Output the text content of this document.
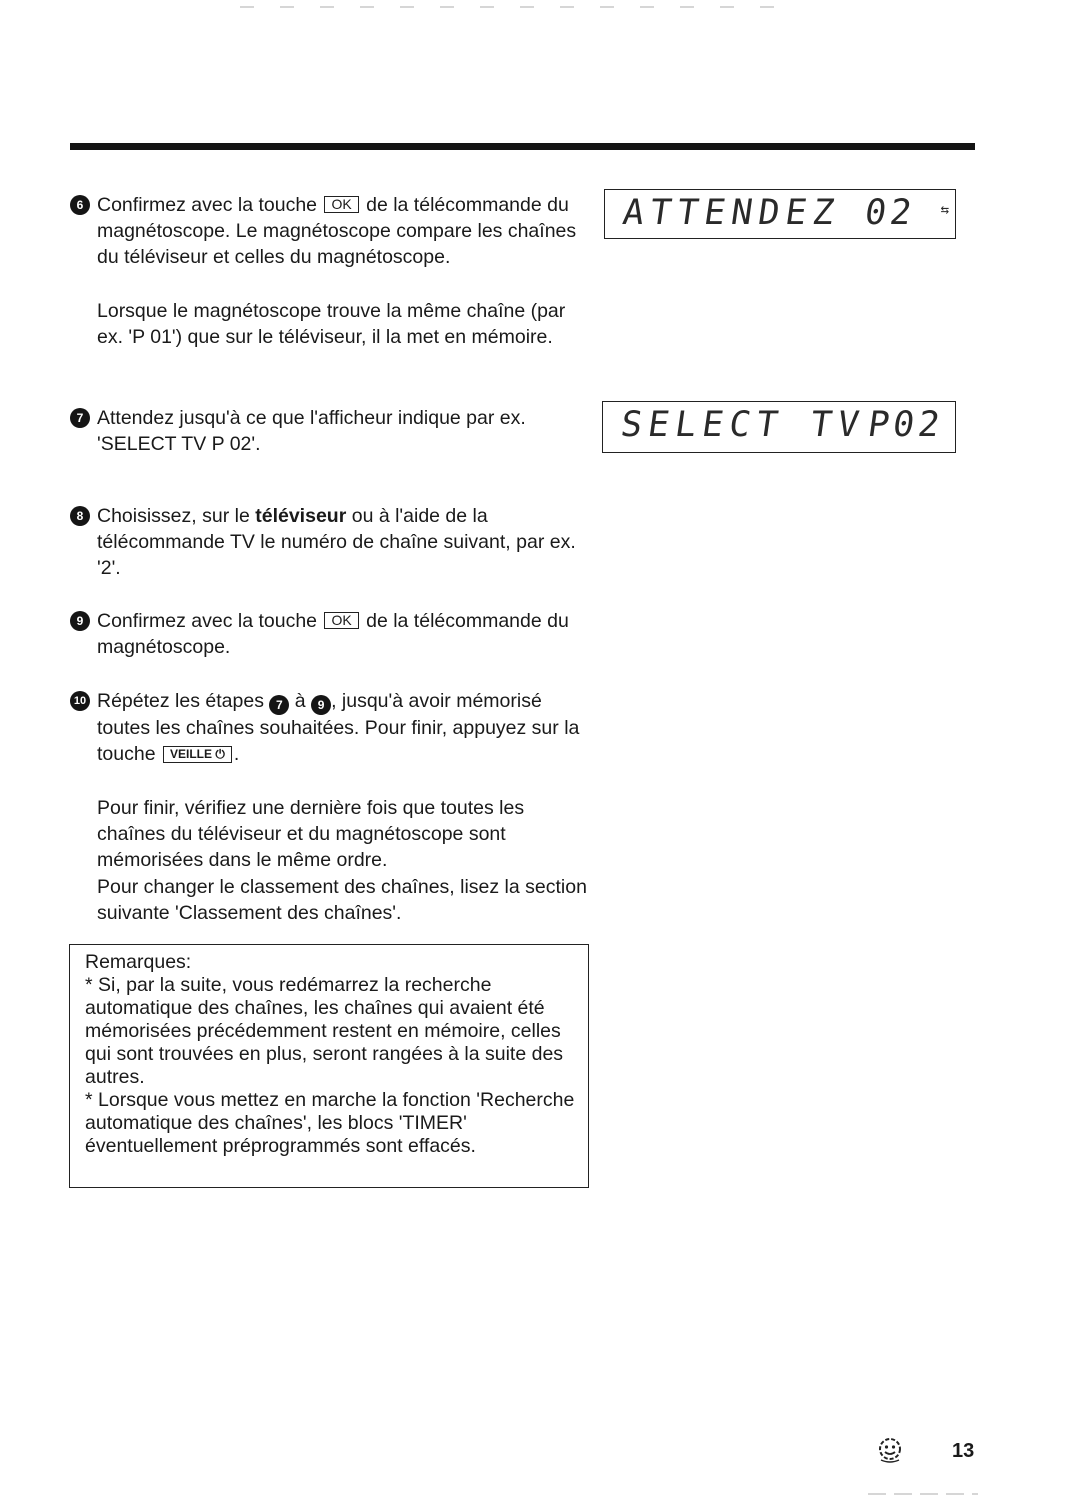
6 Confirmez avec la touche OK de la télécommande du magnétoscope. Le magnétoscope compare les chaînes du téléviseur et celles du magnétoscope.
Lorsque le magnétoscope trouve la même chaîne (par ex. 'P 01') que sur le téléviseur, il la met en mémoire.
ATTENDEZ 02 ⇆
7 Attendez jusqu'à ce que l'afficheur indique par ex. 'SELECT TV P 02'.	SELECT TV
P02
8 Choisissez, sur le téléviseur ou à l'aide de la télécommande TV le numéro de chaîne suivant, par ex. '2'.
9 Confirmez avec la touche OK de la télécommande du magnétoscope.
10 Répétez les étapes 7 à 9 , jusqu'à avoir mémorisé toutes les chaînes souhaitées. Pour finir, appuyez sur la touche VEILLE ⏻ .
Pour finir, vérifiez une dernière fois que toutes les chaînes du téléviseur et du magnétoscope sont mémorisées dans le même ordre.
Pour changer le classement des chaînes, lisez la section suivante 'Classement des chaînes'.
Remarques:
* Si, par la suite, vous redémarrez la recherche automatique des chaînes, les chaînes qui avaient été mémorisées précédemment restent en mémoire, celles qui sont trouvées en plus, seront rangées à la suite des autres.
* Lorsque vous mettez en marche la fonction 'Recherche automatique des chaînes', les blocs 'TIMER' éventuellement préprogrammés sont effacés.
13
